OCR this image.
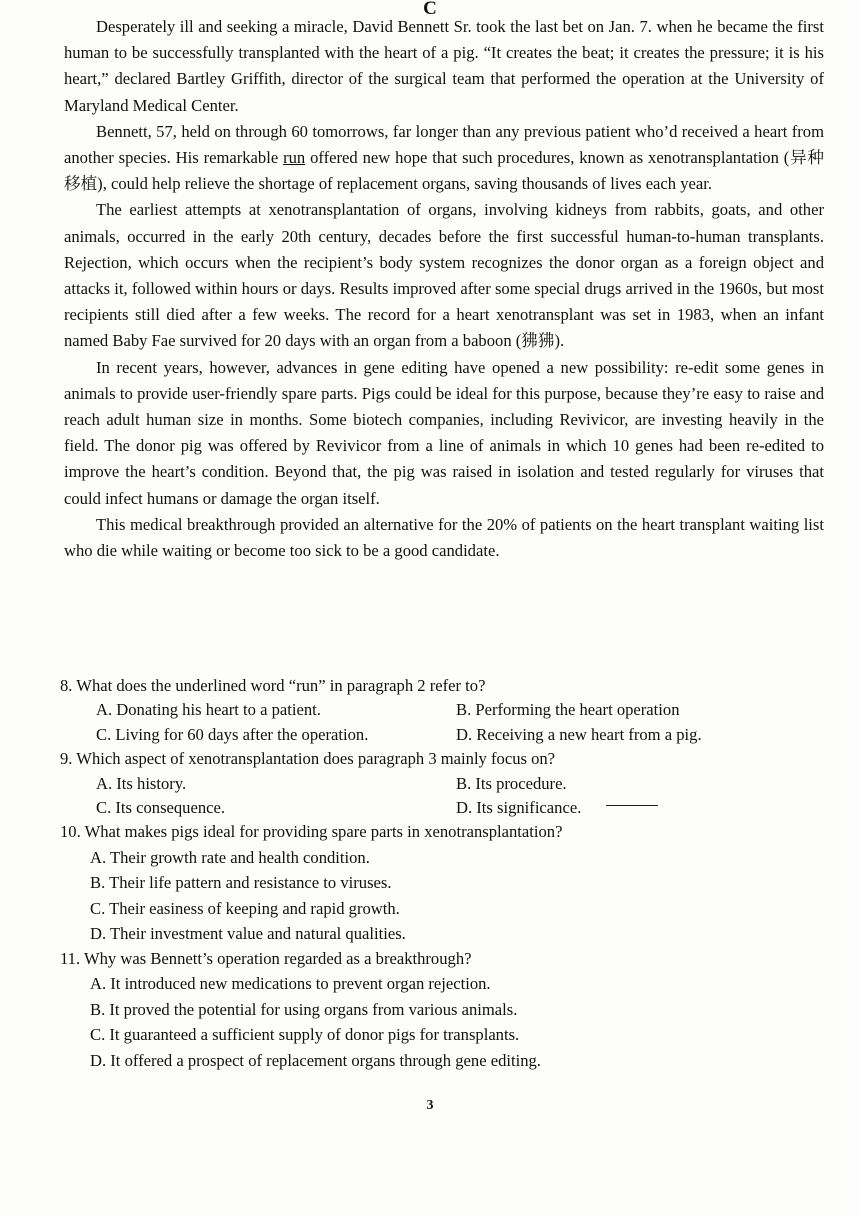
C

Desperately ill and seeking a miracle, David Bennett Sr. took the last bet on Jan. 7. when he became the first human to be successfully transplanted with the heart of a pig. “It creates the beat; it creates the pressure; it is his heart,” declared Bartley Griffith, director of the surgical team that performed the operation at the University of Maryland Medical Center.

Bennett, 57, held on through 60 tomorrows, far longer than any previous patient who’d received a heart from another species. His remarkable run offered new hope that such procedures, known as xenotransplantation (异种移植), could help relieve the shortage of replacement organs, saving thousands of lives each year.

The earliest attempts at xenotransplantation of organs, involving kidneys from rabbits, goats, and other animals, occurred in the early 20th century, decades before the first successful human-to-human transplants. Rejection, which occurs when the recipient’s body system recognizes the donor organ as a foreign object and attacks it, followed within hours or days. Results improved after some special drugs arrived in the 1960s, but most recipients still died after a few weeks. The record for a heart xenotransplant was set in 1983, when an infant named Baby Fae survived for 20 days with an organ from a baboon (狒狒).

In recent years, however, advances in gene editing have opened a new possibility: re-edit some genes in animals to provide user-friendly spare parts. Pigs could be ideal for this purpose, because they’re easy to raise and reach adult human size in months. Some biotech companies, including Revivicor, are investing heavily in the field. The donor pig was offered by Revivicor from a line of animals in which 10 genes had been re-edited to improve the heart’s condition. Beyond that, the pig was raised in isolation and tested regularly for viruses that could infect humans or damage the organ itself.

This medical breakthrough provided an alternative for the 20% of patients on the heart transplant waiting list who die while waiting or become too sick to be a good candidate.

8. What does the underlined word “run” in paragraph 2 refer to?

A. Donating his heart to a patient.	B. Performing the heart operation
C. Living for 60 days after the operation.	D. Receiving a new heart from a pig.

9. Which aspect of xenotransplantation does paragraph 3 mainly focus on?

A. Its history.	B. Its procedure.
C. Its consequence.	D. Its significance.

10. What makes pigs ideal for providing spare parts in xenotransplantation?

A. Their growth rate and health condition.

B. Their life pattern and resistance to viruses.

C. Their easiness of keeping and rapid growth.

D. Their investment value and natural qualities.

11. Why was Bennett’s operation regarded as a breakthrough?

A. It introduced new medications to prevent organ rejection.

B. It proved the potential for using organs from various animals.

C. It guaranteed a sufficient supply of donor pigs for transplants.

D. It offered a prospect of replacement organs through gene editing.

3
